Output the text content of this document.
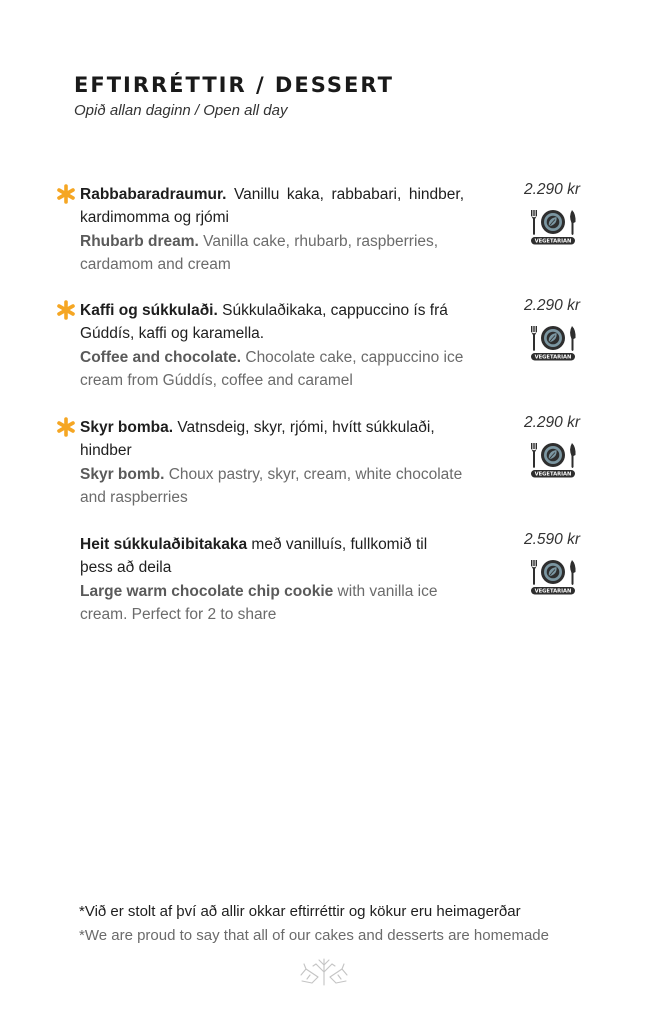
EFTIRRÉTTIR / DESSERT

Opið allan daginn / Open all day

Rabbabaradraumur. Vanillu kaka, rabbabari, hindber, kardimomma og rjómi
Rhubarb dream. Vanilla cake, rhubarb, raspberries, cardamom and cream
2.290 kr
VEGETARIAN
Kaffi og súkkulaði. Súkkulaðikaka, cappuccino ís frá Gúddís, kaffi og karamella.
Coffee and chocolate. Chocolate cake, cappuccino ice cream from Gúddís, coffee and caramel
2.290 kr
VEGETARIAN
Skyr bomba. Vatnsdeig, skyr, rjómi, hvítt súkkulaði, hindber
Skyr bomb. Choux pastry, skyr, cream, white chocolate and raspberries
2.290 kr
VEGETARIAN
Heit súkkulaðibitakaka með vanilluís, fullkomið til þess að deila
Large warm chocolate chip cookie with vanilla ice cream. Perfect for 2 to share
2.590 kr
VEGETARIAN

*Við er stolt af því að allir okkar eftirréttir og kökur eru heimagerðar

*We are proud to say that all of our cakes and desserts are homemade
